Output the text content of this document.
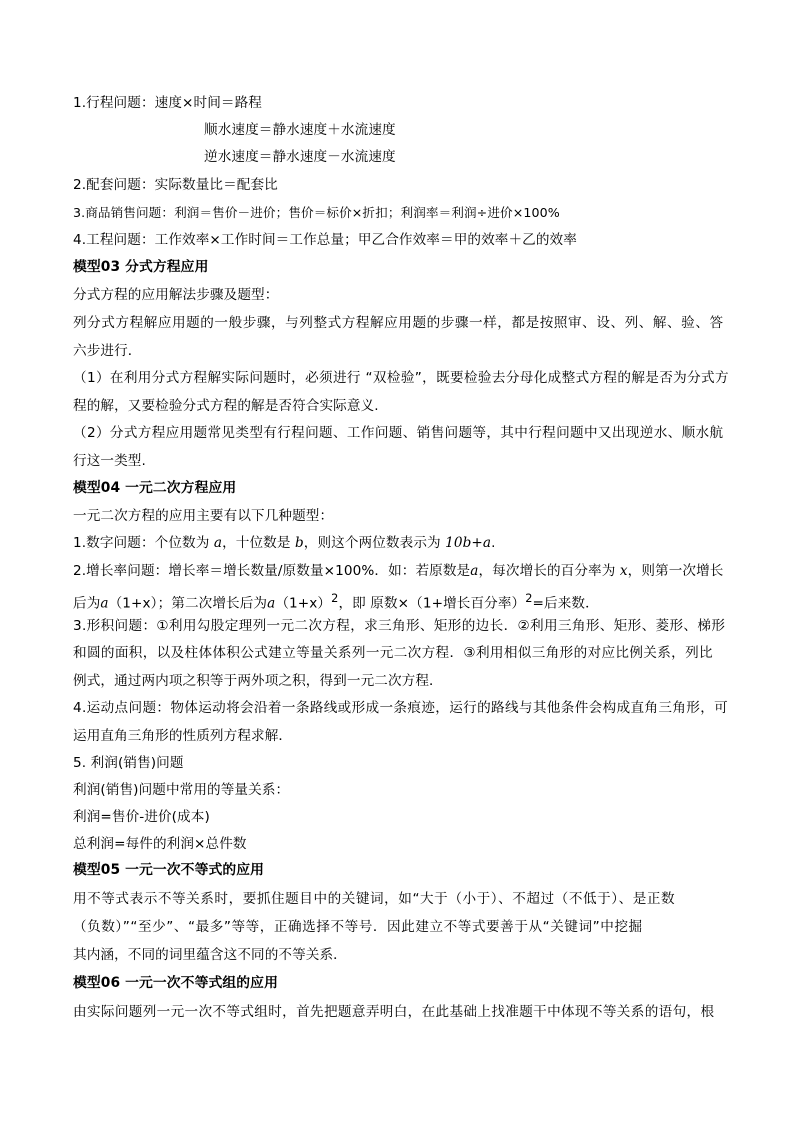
1.行程问题：速度×时间＝路程
顺水速度＝静水速度＋水流速度
逆水速度＝静水速度－水流速度
2.配套问题：实际数量比＝配套比
3.商品销售问题：利润＝售价－进价；售价＝标价×折扣；利润率＝利润÷进价×100%
4.工程问题：工作效率×工作时间＝工作总量；甲乙合作效率＝甲的效率＋乙的效率
模型03 分式方程应用
分式方程的应用解法步骤及题型：
列分式方程解应用题的一般步骤，与列整式方程解应用题的步骤一样，都是按照审、设、列、解、验、答
六步进行．
（1）在利用分式方程解实际问题时，必须进行 “双检验”，既要检验去分母化成整式方程的解是否为分式方
程的解，又要检验分式方程的解是否符合实际意义.
（2）分式方程应用题常见类型有行程问题、工作问题、销售问题等，其中行程问题中又出现逆水、顺水航
行这一类型.
模型04 一元二次方程应用
一元二次方程的应用主要有以下几种题型：
1.数字问题：个位数为 a，十位数是 b，则这个两位数表示为 10b+a.
2.增长率问题：增长率＝增长数量/原数量×100%．如：若原数是a，每次增长的百分率为 x，则第一次增长
后为a（1+x）；第二次增长后为$a(1+x)^2$，即 原数×（1+增长百分率）$^2$=后来数．
3.形积问题：①利用勾股定理列一元二次方程，求三角形、矩形的边长．②利用三角形、矩形、菱形、梯形
和圆的面积，以及柱体体积公式建立等量关系列一元二次方程．③利用相似三角形的对应比例关系，列比
例式，通过两内项之积等于两外项之积，得到一元二次方程．
4.运动点问题：物体运动将会沿着一条路线或形成一条痕迹，运行的路线与其他条件会构成直角三角形，可
运用直角三角形的性质列方程求解．
5. 利润(销售)问题
利润(销售)问题中常用的等量关系：
利润=售价-进价(成本)
总利润=每件的利润×总件数
模型05 一元一次不等式的应用
用不等式表示不等关系时，要抓住题目中的关键词，如“大于（小于）、不超过（不低于）、是正数
（负数）”“至少”、“最多”等等，正确选择不等号．因此建立不等式要善于从“关键词”中挖掘
其内涵，不同的词里蕴含这不同的不等关系．
模型06 一元一次不等式组的应用
由实际问题列一元一次不等式组时，首先把题意弄明白，在此基础上找准题干中体现不等关系的语句，根
